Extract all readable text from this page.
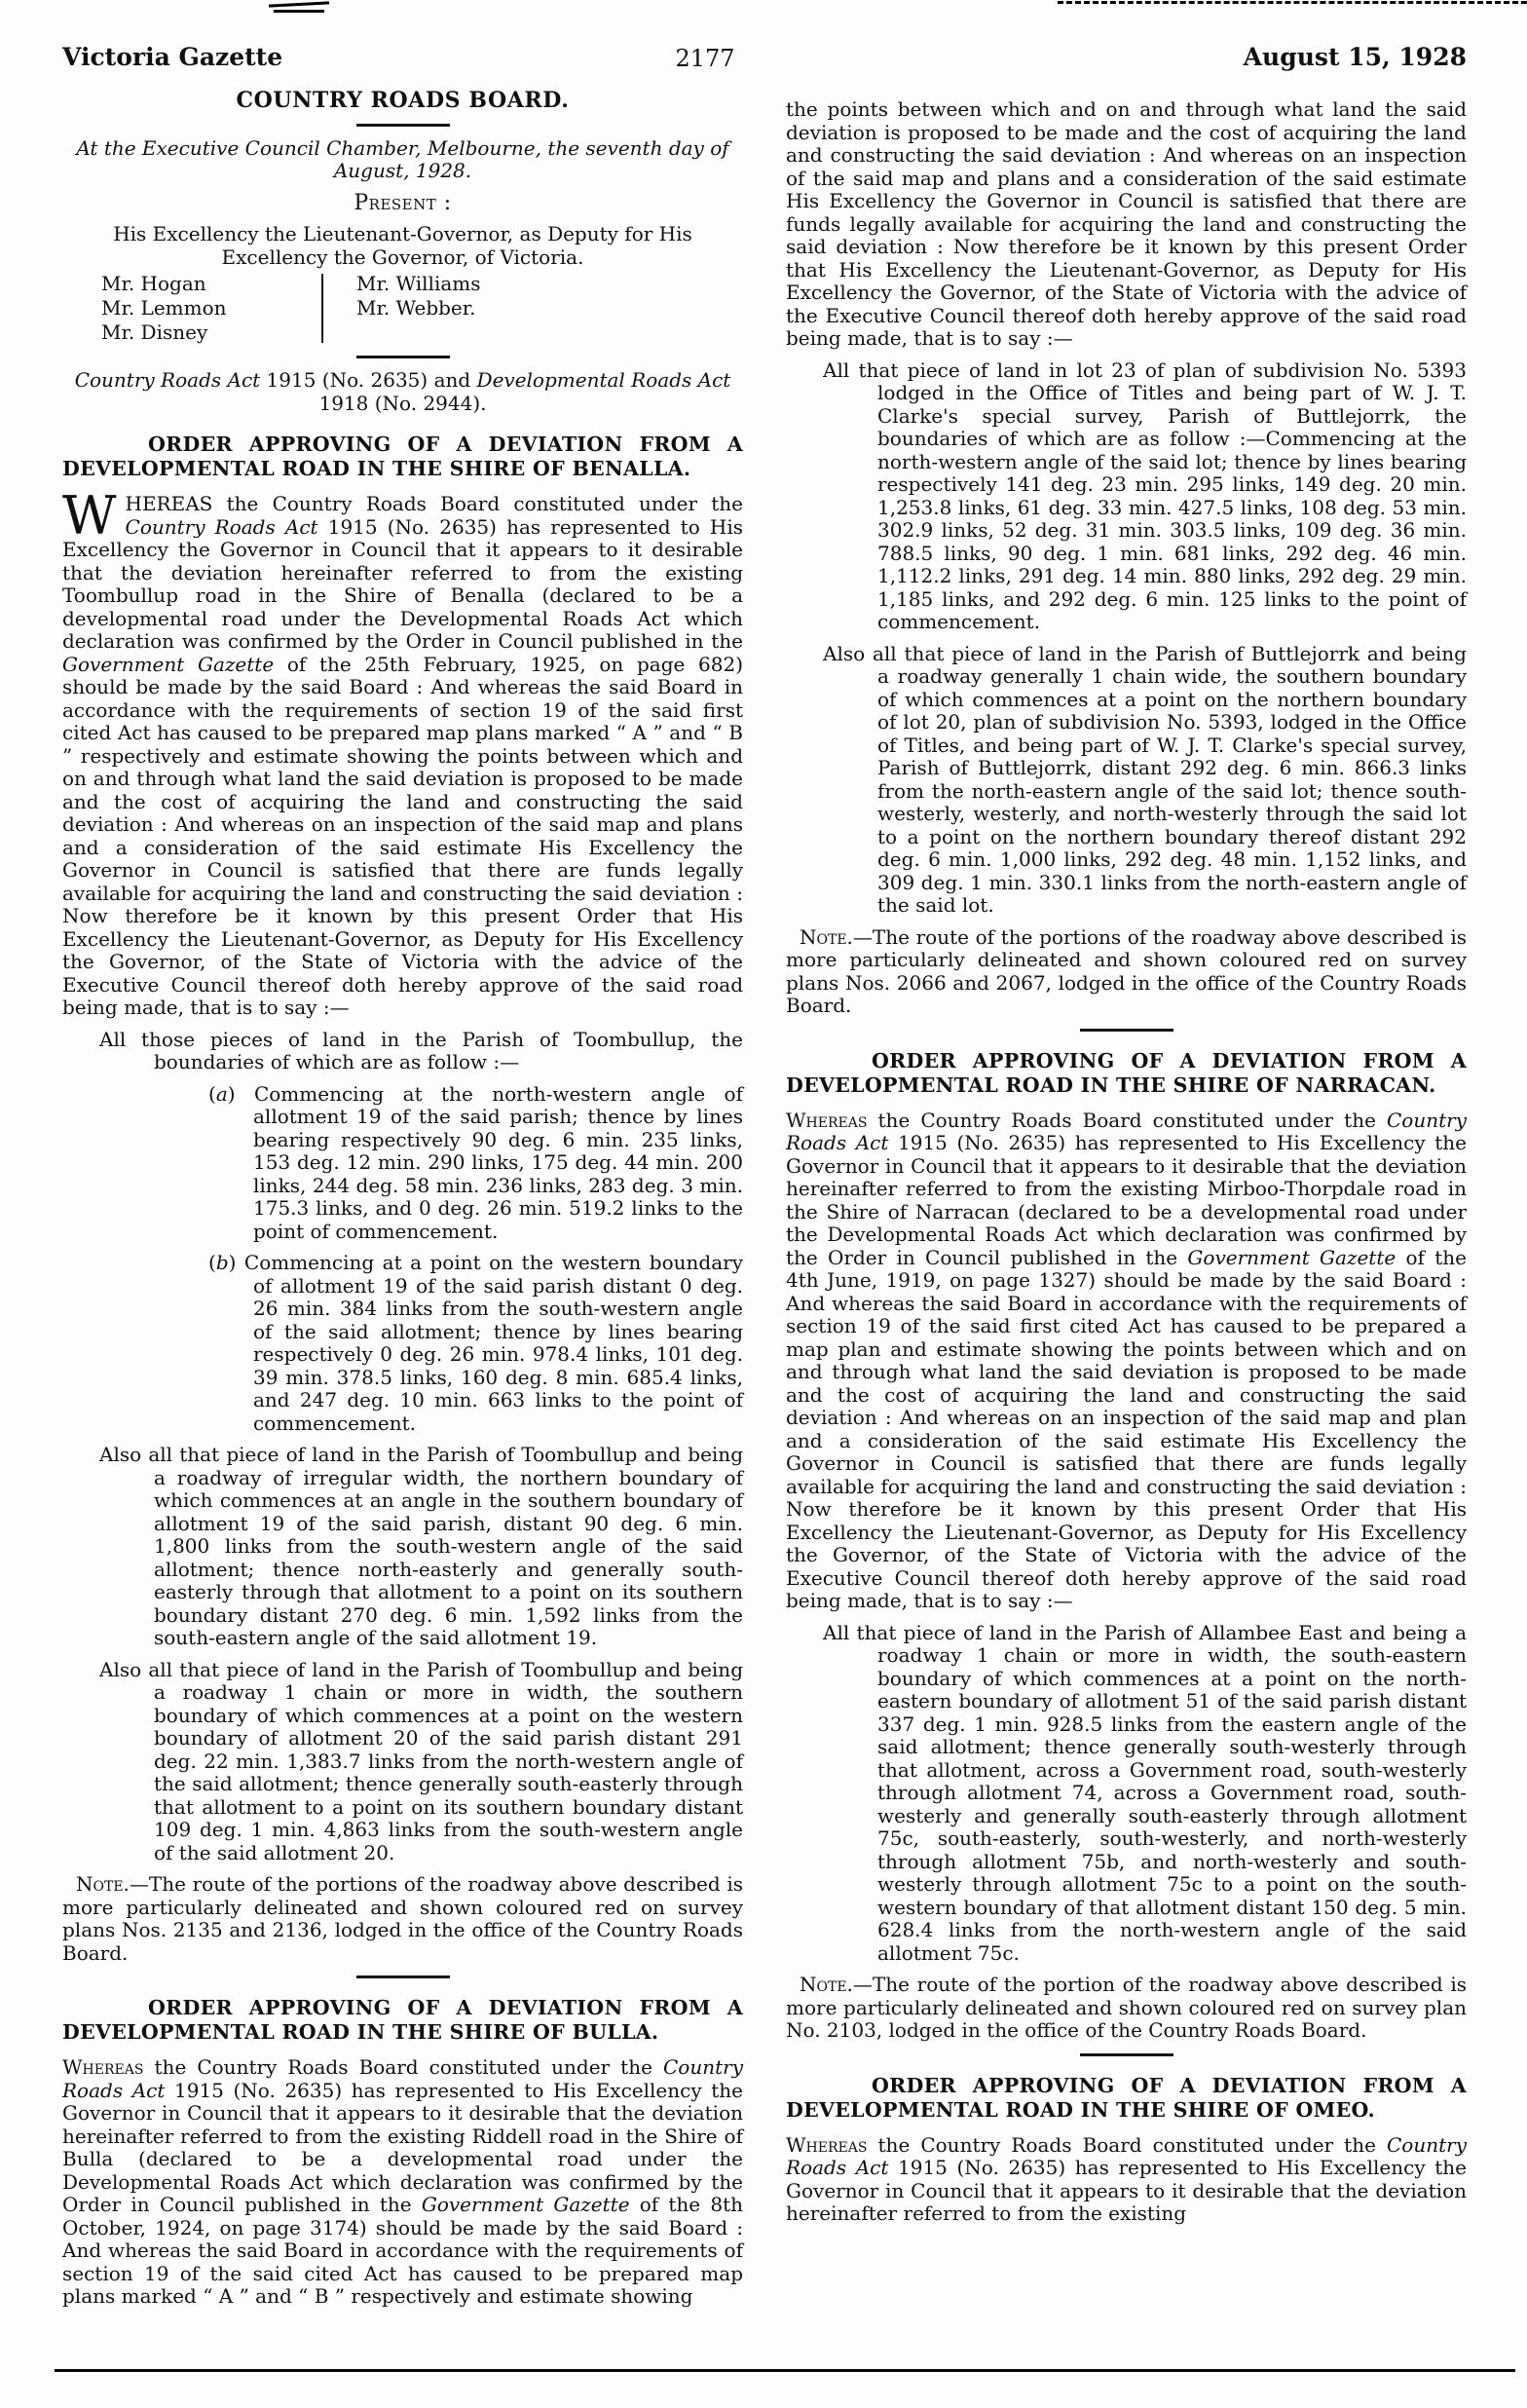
Victoria Gazette	2177	August 15, 1928
COUNTRY ROADS BOARD.
At the Executive Council Chamber, Melbourne, the seventh day of August, 1928.
Present :
His Excellency the Lieutenant-Governor, as Deputy for His Excellency the Governor, of Victoria.
Mr. Hogan
Mr. Lemmon
Mr. Disney
Mr. Williams
Mr. Webber.
Country Roads Act 1915 (No. 2635) and Developmental Roads Act 1918 (No. 2944).
ORDER APPROVING OF A DEVIATION FROM A DEVELOPMENTAL ROAD IN THE SHIRE OF BENALLA.
WHEREAS the Country Roads Board constituted under the Country Roads Act 1915 (No. 2635) has represented to His Excellency the Governor in Council that it appears to it desirable that the deviation hereinafter referred to from the existing Toombullup road in the Shire of Benalla (declared to be a developmental road under the Developmental Roads Act which declaration was confirmed by the Order in Council published in the Government Gazette of the 25th February, 1925, on page 682) should be made by the said Board : And whereas the said Board in accordance with the requirements of section 19 of the said first cited Act has caused to be prepared map plans marked “ A ” and “ B ” respectively and estimate showing the points between which and on and through what land the said deviation is proposed to be made and the cost of acquiring the land and constructing the said deviation : And whereas on an inspection of the said map and plans and a consideration of the said estimate His Excellency the Governor in Council is satisfied that there are funds legally available for acquiring the land and constructing the said deviation : Now therefore be it known by this present Order that His Excellency the Lieutenant-Governor, as Deputy for His Excellency the Governor, of the State of Victoria with the advice of the Executive Council thereof doth hereby approve of the said road being made, that is to say :—
All those pieces of land in the Parish of Toombullup, the boundaries of which are as follow :—
(a) Commencing at the north-western angle of allotment 19 of the said parish; thence by lines bearing respectively 90 deg. 6 min. 235 links, 153 deg. 12 min. 290 links, 175 deg. 44 min. 200 links, 244 deg. 58 min. 236 links, 283 deg. 3 min. 175.3 links, and 0 deg. 26 min. 519.2 links to the point of commencement.
(b) Commencing at a point on the western boundary of allotment 19 of the said parish distant 0 deg. 26 min. 384 links from the south-western angle of the said allotment; thence by lines bearing respectively 0 deg. 26 min. 978.4 links, 101 deg. 39 min. 378.5 links, 160 deg. 8 min. 685.4 links, and 247 deg. 10 min. 663 links to the point of commencement.
Also all that piece of land in the Parish of Toombullup and being a roadway of irregular width, the northern boundary of which commences at an angle in the southern boundary of allotment 19 of the said parish, distant 90 deg. 6 min. 1,800 links from the south-western angle of the said allotment; thence north-easterly and generally south-easterly through that allotment to a point on its southern boundary distant 270 deg. 6 min. 1,592 links from the south-eastern angle of the said allotment 19.
Also all that piece of land in the Parish of Toombullup and being a roadway 1 chain or more in width, the southern boundary of which commences at a point on the western boundary of allotment 20 of the said parish distant 291 deg. 22 min. 1,383.7 links from the north-western angle of the said allotment; thence generally south-easterly through that allotment to a point on its southern boundary distant 109 deg. 1 min. 4,863 links from the south-western angle of the said allotment 20.
Note.—The route of the portions of the roadway above described is more particularly delineated and shown coloured red on survey plans Nos. 2135 and 2136, lodged in the office of the Country Roads Board.
ORDER APPROVING OF A DEVIATION FROM A DEVELOPMENTAL ROAD IN THE SHIRE OF BULLA.
Whereas the Country Roads Board constituted under the Country Roads Act 1915 (No. 2635) has represented to His Excellency the Governor in Council that it appears to it desirable that the deviation hereinafter referred to from the existing Riddell road in the Shire of Bulla (declared to be a developmental road under the Developmental Roads Act which declaration was confirmed by the Order in Council published in the Government Gazette of the 8th October, 1924, on page 3174) should be made by the said Board : And whereas the said Board in accordance with the requirements of section 19 of the said cited Act has caused to be prepared map plans marked “ A ” and “ B ” respectively and estimate showing
the points between which and on and through what land the said deviation is proposed to be made and the cost of acquiring the land and constructing the said deviation : And whereas on an inspection of the said map and plans and a consideration of the said estimate His Excellency the Governor in Council is satisfied that there are funds legally available for acquiring the land and constructing the said deviation : Now therefore be it known by this present Order that His Excellency the Lieutenant-Governor, as Deputy for His Excellency the Governor, of the State of Victoria with the advice of the Executive Council thereof doth hereby approve of the said road being made, that is to say :—
All that piece of land in lot 23 of plan of subdivision No. 5393 lodged in the Office of Titles and being part of W. J. T. Clarke's special survey, Parish of Buttlejorrk, the boundaries of which are as follow :—Commencing at the north-western angle of the said lot; thence by lines bearing respectively 141 deg. 23 min. 295 links, 149 deg. 20 min. 1,253.8 links, 61 deg. 33 min. 427.5 links, 108 deg. 53 min. 302.9 links, 52 deg. 31 min. 303.5 links, 109 deg. 36 min. 788.5 links, 90 deg. 1 min. 681 links, 292 deg. 46 min. 1,112.2 links, 291 deg. 14 min. 880 links, 292 deg. 29 min. 1,185 links, and 292 deg. 6 min. 125 links to the point of commencement.
Also all that piece of land in the Parish of Buttlejorrk and being a roadway generally 1 chain wide, the southern boundary of which commences at a point on the northern boundary of lot 20, plan of subdivision No. 5393, lodged in the Office of Titles, and being part of W. J. T. Clarke's special survey, Parish of Buttlejorrk, distant 292 deg. 6 min. 866.3 links from the north-eastern angle of the said lot; thence south-westerly, westerly, and north-westerly through the said lot to a point on the northern boundary thereof distant 292 deg. 6 min. 1,000 links, 292 deg. 48 min. 1,152 links, and 309 deg. 1 min. 330.1 links from the north-eastern angle of the said lot.
Note.—The route of the portions of the roadway above described is more particularly delineated and shown coloured red on survey plans Nos. 2066 and 2067, lodged in the office of the Country Roads Board.
ORDER APPROVING OF A DEVIATION FROM A DEVELOPMENTAL ROAD IN THE SHIRE OF NARRACAN.
Whereas the Country Roads Board constituted under the Country Roads Act 1915 (No. 2635) has represented to His Excellency the Governor in Council that it appears to it desirable that the deviation hereinafter referred to from the existing Mirboo-Thorpdale road in the Shire of Narracan (declared to be a developmental road under the Developmental Roads Act which declaration was confirmed by the Order in Council published in the Government Gazette of the 4th June, 1919, on page 1327) should be made by the said Board : And whereas the said Board in accordance with the requirements of section 19 of the said first cited Act has caused to be prepared a map plan and estimate showing the points between which and on and through what land the said deviation is proposed to be made and the cost of acquiring the land and constructing the said deviation : And whereas on an inspection of the said map and plan and a consideration of the said estimate His Excellency the Governor in Council is satisfied that there are funds legally available for acquiring the land and constructing the said deviation : Now therefore be it known by this present Order that His Excellency the Lieutenant-Governor, as Deputy for His Excellency the Governor, of the State of Victoria with the advice of the Executive Council thereof doth hereby approve of the said road being made, that is to say :—
All that piece of land in the Parish of Allambee East and being a roadway 1 chain or more in width, the south-eastern boundary of which commences at a point on the north-eastern boundary of allotment 51 of the said parish distant 337 deg. 1 min. 928.5 links from the eastern angle of the said allotment; thence generally south-westerly through that allotment, across a Government road, south-westerly through allotment 74, across a Government road, south-westerly and generally south-easterly through allotment 75c, south-easterly, south-westerly, and north-westerly through allotment 75b, and north-westerly and south-westerly through allotment 75c to a point on the south-western boundary of that allotment distant 150 deg. 5 min. 628.4 links from the north-western angle of the said allotment 75c.
Note.—The route of the portion of the roadway above described is more particularly delineated and shown coloured red on survey plan No. 2103, lodged in the office of the Country Roads Board.
ORDER APPROVING OF A DEVIATION FROM A DEVELOPMENTAL ROAD IN THE SHIRE OF OMEO.
Whereas the Country Roads Board constituted under the Country Roads Act 1915 (No. 2635) has represented to His Excellency the Governor in Council that it appears to it desirable that the deviation hereinafter referred to from the existing
